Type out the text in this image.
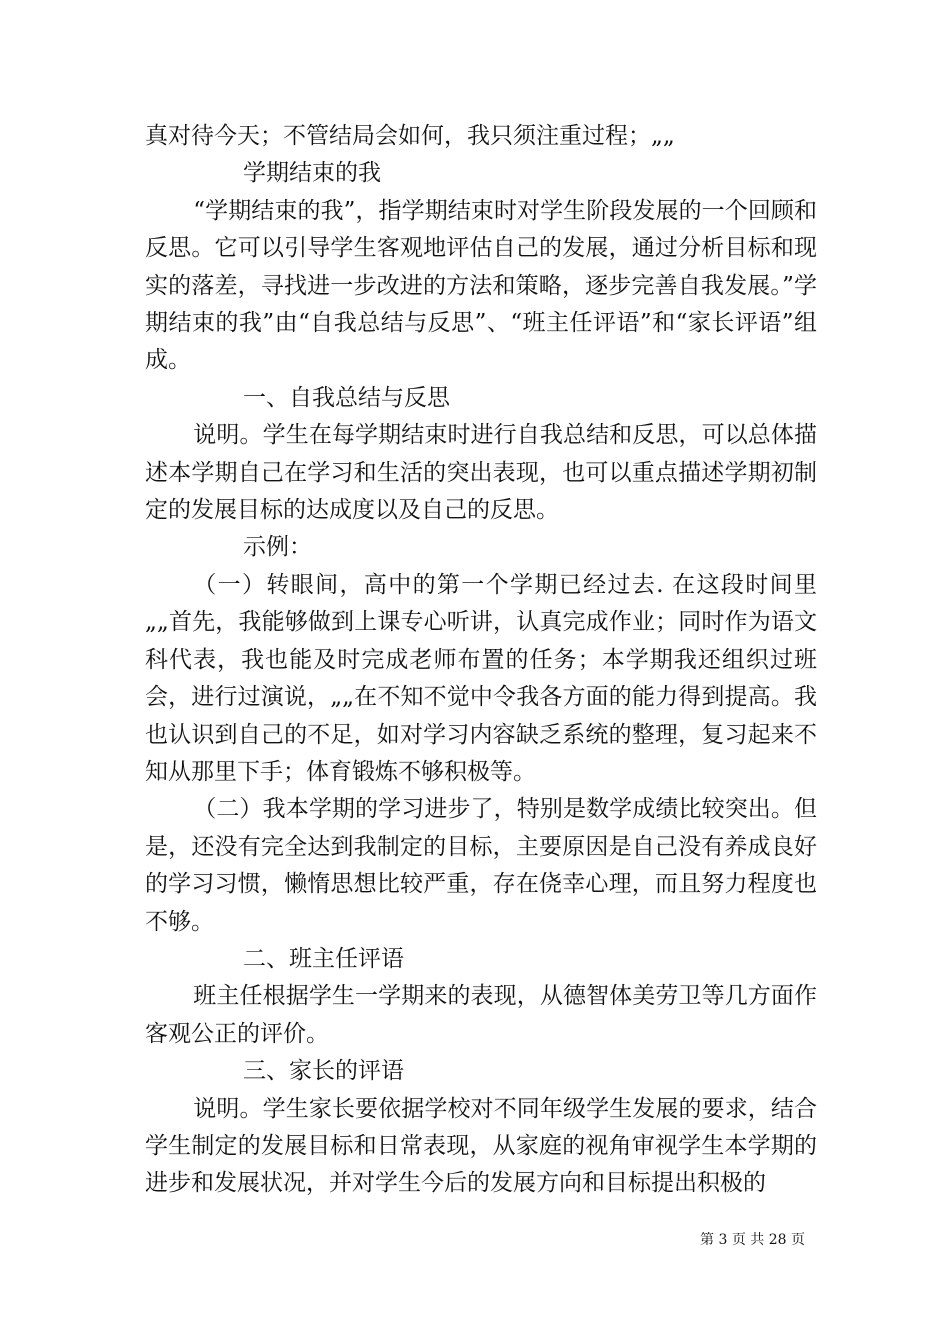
真对待今天；不管结局会如何，我只须注重过程；„„

学期结束的我

“学期结束的我”，指学期结束时对学生阶段发展的一个回顾和反思。它可以引导学生客观地评估自己的发展，通过分析目标和现实的落差，寻找进一步改进的方法和策略，逐步完善自我发展。”学期结束的我”由“自我总结与反思”、“班主任评语”和“家长评语”组成。

一、自我总结与反思

说明。学生在每学期结束时进行自我总结和反思，可以总体描述本学期自己在学习和生活的突出表现，也可以重点描述学期初制定的发展目标的达成度以及自己的反思。

示例：

（一）转眼间，高中的第一个学期已经过去. 在这段时间里„„首先，我能够做到上课专心听讲，认真完成作业；同时作为语文科代表，我也能及时完成老师布置的任务；本学期我还组织过班会，进行过演说，„„在不知不觉中令我各方面的能力得到提高。我也认识到自己的不足，如对学习内容缺乏系统的整理，复习起来不知从那里下手；体育锻炼不够积极等。

（二）我本学期的学习进步了，特别是数学成绩比较突出。但是，还没有完全达到我制定的目标，主要原因是自己没有养成良好的学习习惯，懒惰思想比较严重，存在侥幸心理，而且努力程度也不够。

二、班主任评语

班主任根据学生一学期来的表现，从德智体美劳卫等几方面作客观公正的评价。

三、家长的评语

说明。学生家长要依据学校对不同年级学生发展的要求，结合学生制定的发展目标和日常表现，从家庭的视角审视学生本学期的进步和发展状况，并对学生今后的发展方向和目标提出积极的

第 3 页 共 28 页
